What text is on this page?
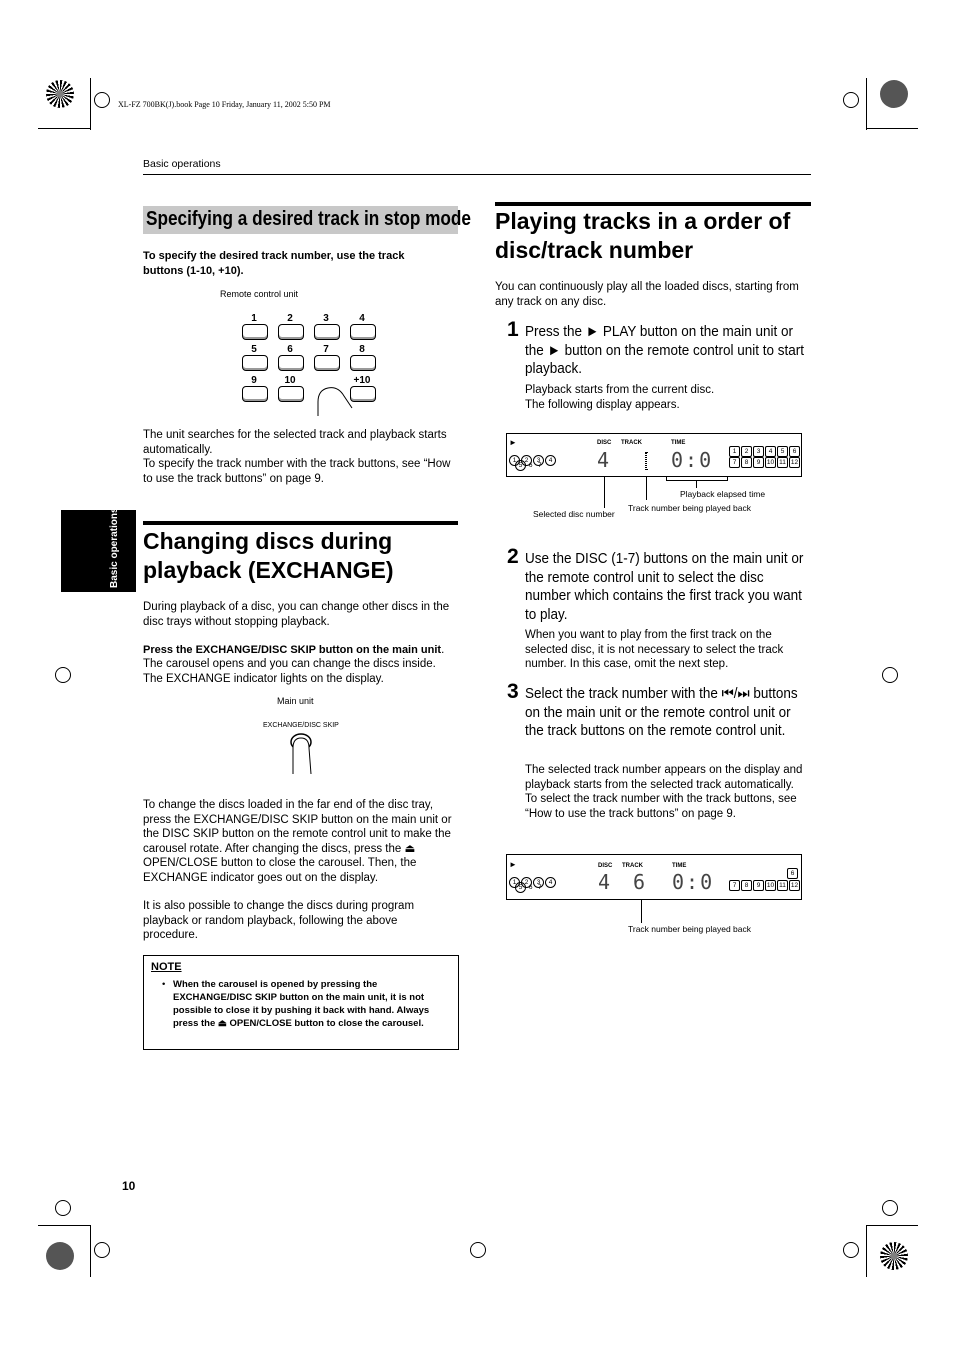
XL-FZ 700BK(J).book Page 10 Friday, January 11, 2002 5:50 PM
Basic operations
Basic operations
Specifying a desired track in stop mode
To specify the desired track number, use the track buttons (1-10, +10).
Remote control unit
1	2	3	4
5	6	7	8
9	10	+10
The unit searches for the selected track and playback starts automatically.
To specify the track number with the track buttons, see “How to use the track buttons” on page 9.
Changing discs during
playback (EXCHANGE)
During playback of a disc, you can change other discs in the disc trays without stopping playback.
Press the EXCHANGE/DISC SKIP button on the main unit.
The carousel opens and you can change the discs inside. The EXCHANGE indicator lights on the display.
Main unit
EXCHANGE/DISC SKIP
To change the discs loaded in the far end of the disc tray, press the EXCHANGE/DISC SKIP button on the main unit or the DISC SKIP button on the remote control unit to make the carousel rotate. After changing the discs, press the ⏏ OPEN/CLOSE button to close the carousel. Then, the EXCHANGE indicator goes out on the display.
It is also possible to change the discs during program playback or random playback, following the above procedure.
NOTE
• When the carousel is opened by pressing the EXCHANGE/DISC SKIP button on the main unit, it is not possible to close it by pushing it back with hand. Always press the ⏏ OPEN/CLOSE button to close the carousel.
10
Playing tracks in a order of
disc/track number
You can continuously play all the loaded discs, starting from any track on any disc.
1 Press the ► PLAY button on the main unit or the ► button on the remote control unit to start playback.
Playback starts from the current disc.
The following display appears.
►
1 2 3 4
5 6   7
DISC TRACK	TIME
4	0:0	1 2 3 4 5 6
7 8 9 10 11 12
Playback elapsed time
Track number being played back
Selected disc number
2 Use the DISC (1-7) buttons on the main unit or the remote control unit to select the disc number which contains the first track you want to play.
When you want to play from the first track on the selected disc, it is not necessary to select the track number. In this case, omit the next step.
3 Select the track number with the ⏮/⏭ buttons on the main unit or the remote control unit or the track buttons on the remote control unit.
The selected track number appears on the display and playback starts from the selected track automatically.
To select the track number with the track buttons, see “How to use the track buttons” on page 9.
►
1 2 3 4
5 6   7
DISC TRACK	TIME
4 6 0:0	6
7 8 9 10 11 12
Track number being played back
